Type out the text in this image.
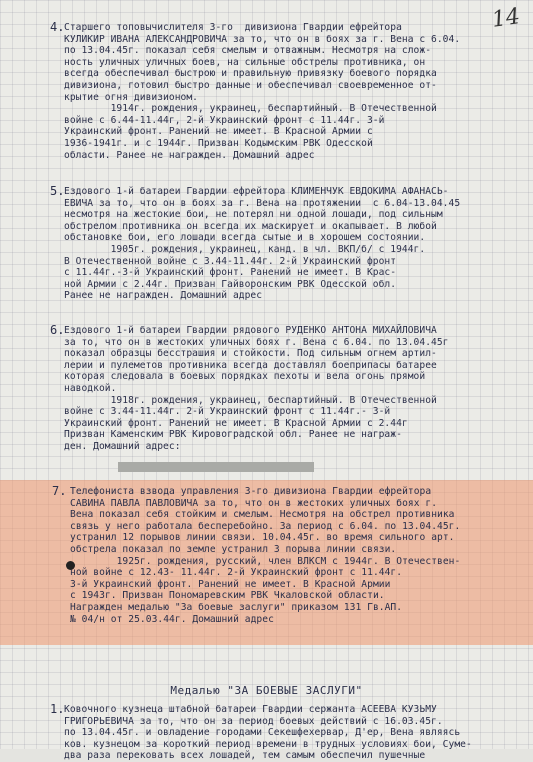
14
4. Старшего топовычислителя 3-го  дивизиона Гвардии ефрейтора
КУЛИКИР ИВАНА АЛЕКСАНДРОВИЧА за то, что он в боях за г. Вена с 6.04.
по 13.04.45г. показал себя смелым и отважным. Несмотря на слож-
ность уличных уличных боев, на сильные обстрелы противника, он
всегда обеспечивал быстрою и правильную привязку боевого порядка
дивизиона, готовил быстро данные и обеспечивал своевременное от-
крытие огня дивизионом.
1914г. рождения, украинец, беспартийный. В Отечественной
войне с 6.44-11.44г, 2-й Украинский фронт с 11.44г. 3-й
Украинский фронт. Ранений не имеет. В Красной Армии с
1936-1941г. и с 1944г. Призван Кодымским РВК Одесской
области. Ранее не награжден. Домашний адрес
5. Ездового 1-й батареи Гвардии ефрейтора КЛИМЕНЧУК ЕВДОКИМА АФАНАСЬ-
ЕВИЧА за то, что он в боях за г. Вена на протяжении  с 6.04-13.04.45
несмотря на жестокие бои, не потерял ни одной лошади, под сильным
обстрелом противника он всегда их маскирует и окапывает. В любой
обстановке бои, его лошади всегда сытые и в хорошем состоянии.
1905г. рождения, украинец, канд. в чл. ВКП/б/ с 1944г.
В Отечественной войне с 3.44-11.44г. 2-й Украинский фронт
с 11.44г.-3-й Украинский фронт. Ранений не имеет. В Крас-
ной Армии с 2.44г. Призван Гайворонским РВК Одесской обл.
Ранее не награжден. Домашний адрес
6. Ездового 1-й батареи Гвардии рядового РУДЕНКО АНТОНА МИХАЙЛОВИЧА
за то, что он в жестоких уличных боях г. Вена с 6.04. по 13.04.45г
показал образцы бесстрашия и стойкости. Под сильным огнем артил-
лерии и пулеметов противника всегда доставлял боеприпасы батарее
которая следовала в боевых порядках пехоты и вела огонь прямой
наводкой.
1918г. рождения, украинец, беспартийный. В Отечественной
войне с 3.44-11.44г. 2-й Украинский фронт с 11.44г.- 3-й
Украинский фронт. Ранений не имеет. В Красной Армии с 2.44г
Призван Каменским РВК Кировоградской обл. Ранее не награж-
ден. Домашний адрес:
7. Телефониста взвода управления 3-го дивизиона Гвардии ефрейтора
САВИНА ПАВЛА ПАВЛОВИЧА за то, что он в жестоких уличных боях г.
Вена показал себя стойким и смелым. Несмотря на обстрел противника
связь у него работала бесперебойно. За период с 6.04. по 13.04.45г.
устранил 12 порывов линии связи. 10.04.45г. во время сильного арт.
обстрела показал по земле устранил 3 порыва линии связи.
1925г. рождения, русский, член ВЛКСМ с 1944г. В Отечествен-
ной войне с 12.43- 11.44г. 2-й Украинский фронт с 11.44г.
3-й Украинский фронт. Ранений не имеет. В Красной Армии
с 1943г. Призван Пономаревским РВК Чкаловской области.
Награжден медалью "За боевые заслуги" приказом 131 Гв.АП.
№ 04/н от 25.03.44г. Домашний адрес
Медалью "ЗА БОЕВЫЕ ЗАСЛУГИ"
1. Ковочного кузнеца штабной батареи Гвардии сержанта АСЕЕВА КУЗЬМУ
ГРИГОРЬЕВИЧА за то, что он за период боевых действий с 16.03.45г.
по 13.04.45г. и овладение городами Секешфехервар, Д'ер, Вена являясь
ков. кузнецом за короткий период времени в трудных условиях бои, Суме-
два раза перековать всех лошадей, тем самым обеспечил пушечные
